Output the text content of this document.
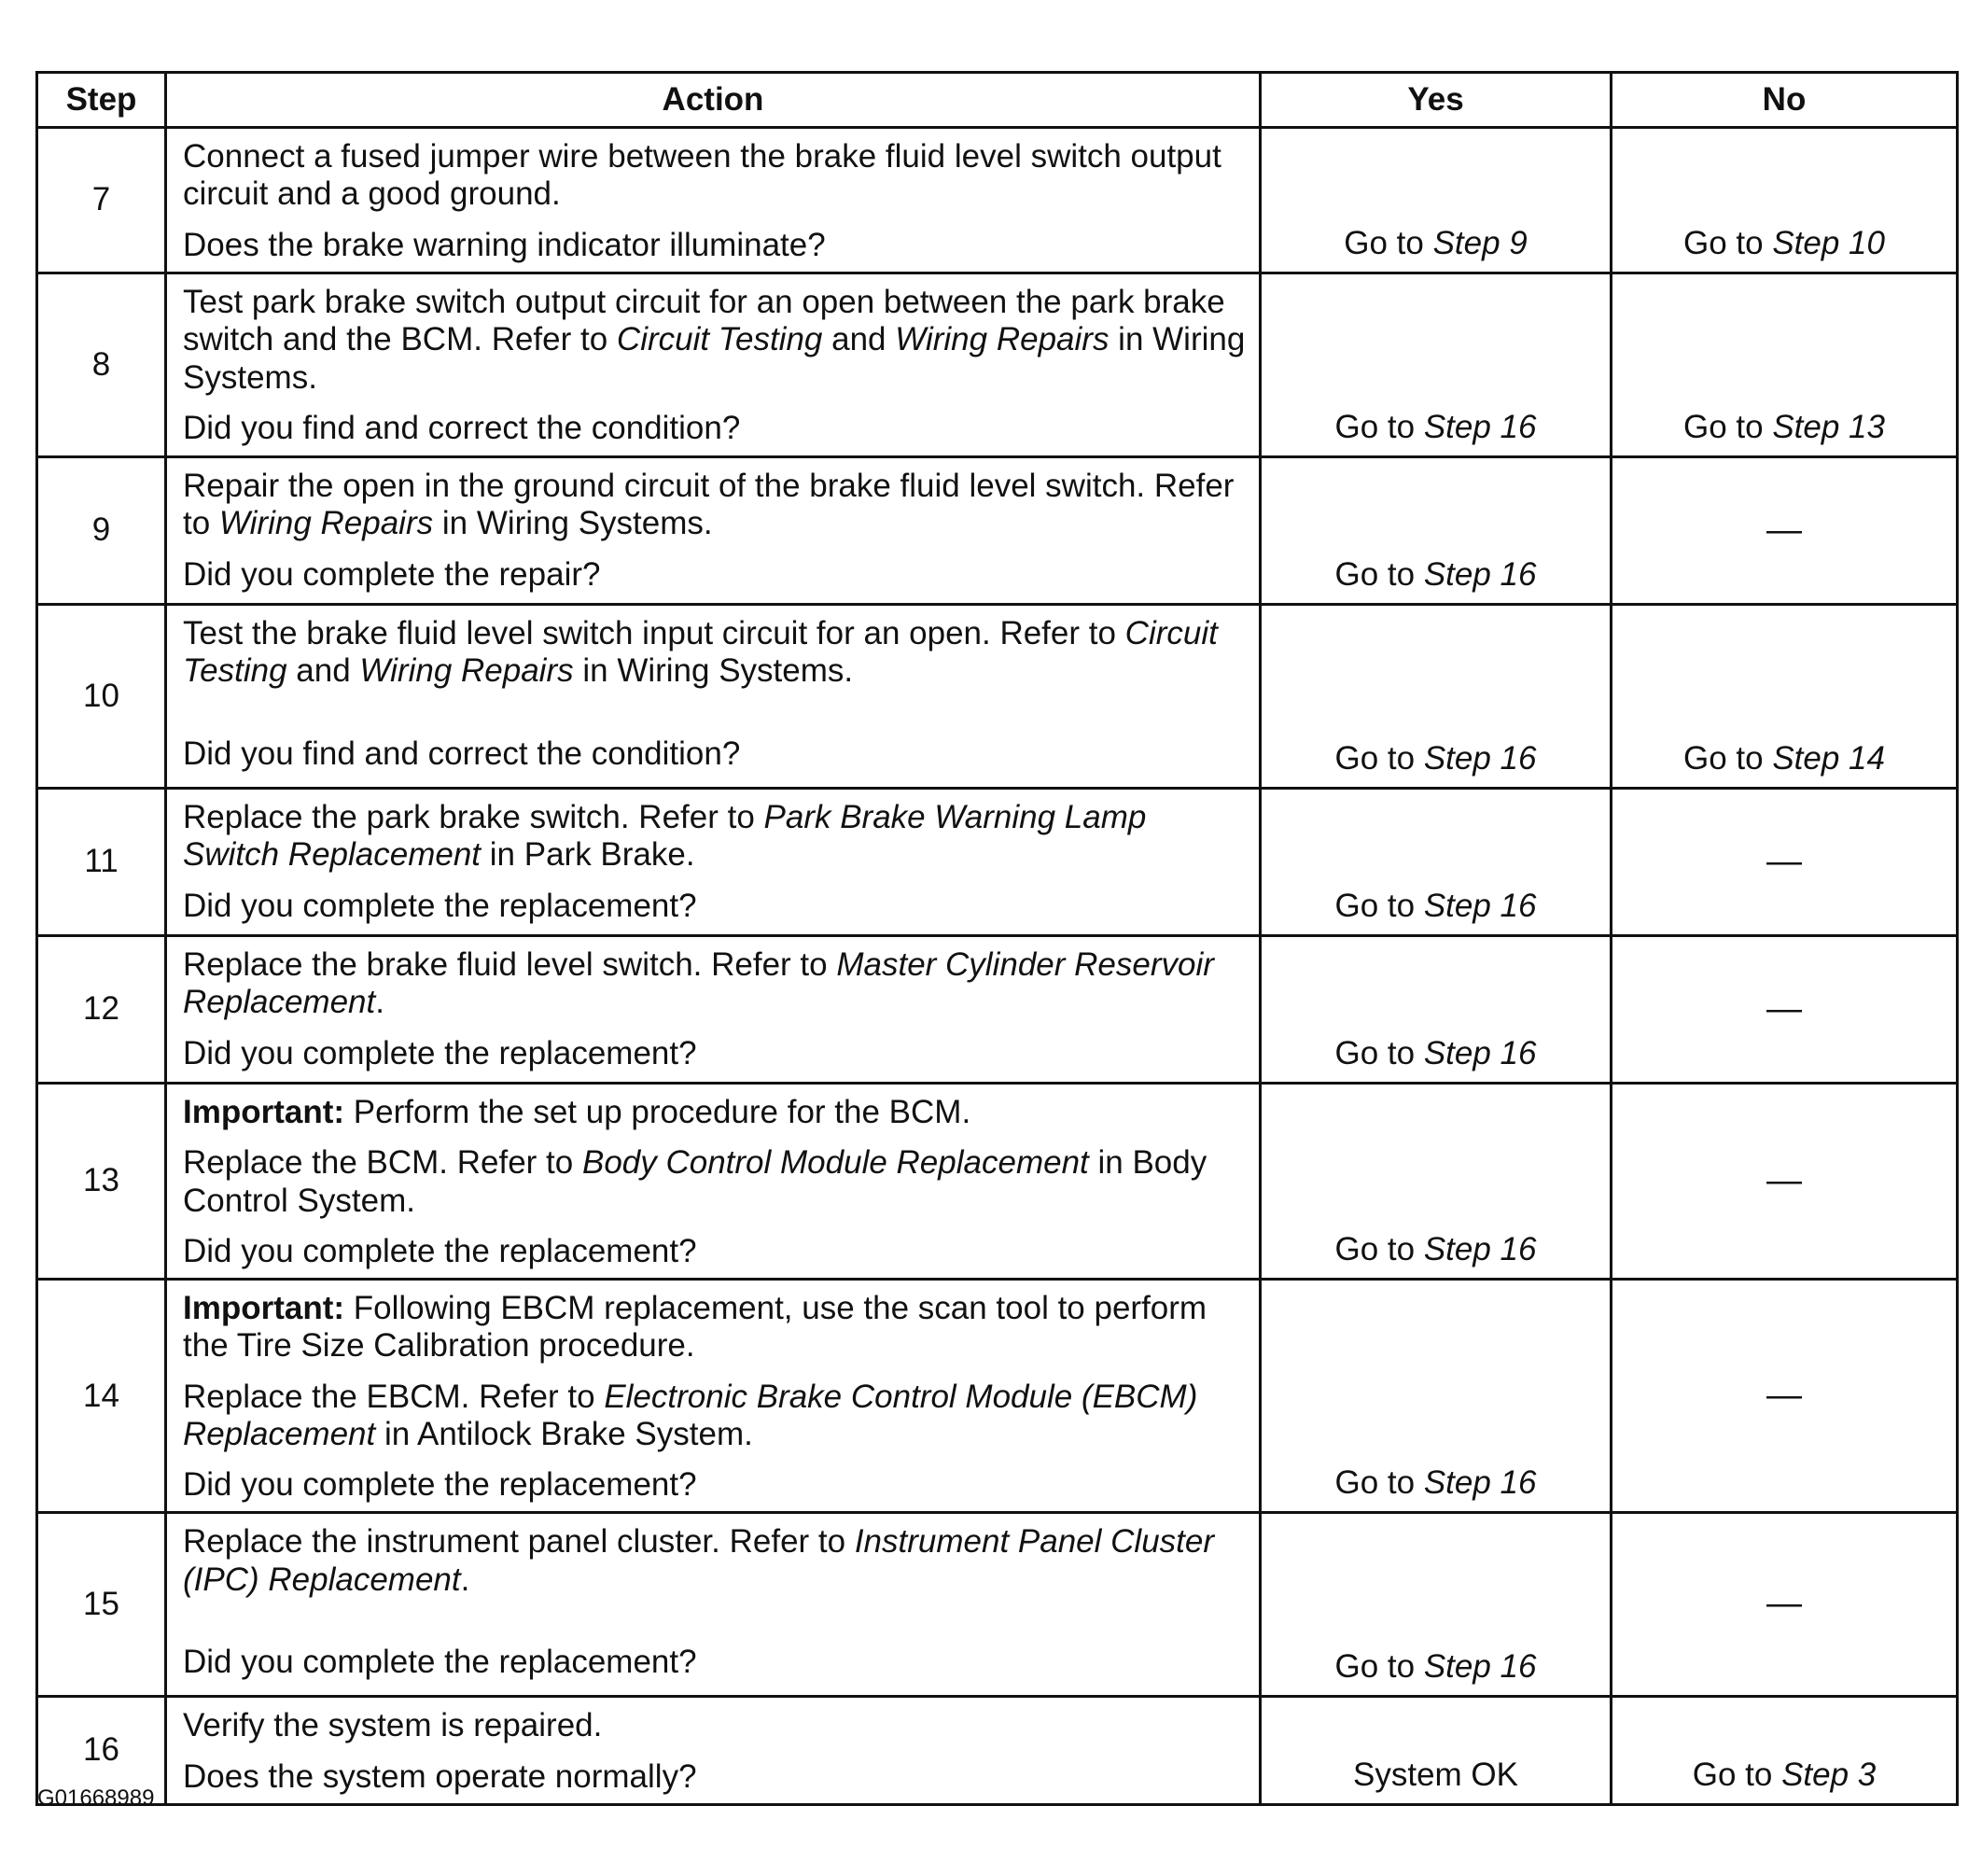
Step	Action	Yes	No
7	Connect a fused jumper wire between the brake fluid level switch output circuit and a good ground.
Does the brake warning indicator illuminate?	Go to Step 9	Go to Step 10
8	Test park brake switch output circuit for an open between the park brake switch and the BCM. Refer to Circuit Testing and Wiring Repairs in Wiring Systems.
Did you find and correct the condition?	Go to Step 16	Go to Step 13
9	Repair the open in the ground circuit of the brake fluid level switch. Refer to Wiring Repairs in Wiring Systems.
Did you complete the repair?	Go to Step 16	—
10	Test the brake fluid level switch input circuit for an open. Refer to Circuit Testing and Wiring Repairs in Wiring Systems.
Did you find and correct the condition?	Go to Step 16	Go to Step 14
11	Replace the park brake switch. Refer to Park Brake Warning Lamp Switch Replacement in Park Brake.
Did you complete the replacement?	Go to Step 16	—
12	Replace the brake fluid level switch. Refer to Master Cylinder Reservoir Replacement.
Did you complete the replacement?	Go to Step 16	—
13	Important: Perform the set up procedure for the BCM.
Replace the BCM. Refer to Body Control Module Replacement in Body Control System.
Did you complete the replacement?	Go to Step 16	—
14	Important: Following EBCM replacement, use the scan tool to perform the Tire Size Calibration procedure.
Replace the EBCM. Refer to Electronic Brake Control Module (EBCM) Replacement in Antilock Brake System.
Did you complete the replacement?	Go to Step 16	—
15	Replace the instrument panel cluster. Refer to Instrument Panel Cluster (IPC) Replacement.
Did you complete the replacement?	Go to Step 16	—
16	Verify the system is repaired.
Does the system operate normally?	System OK	Go to Step 3
G01668989
